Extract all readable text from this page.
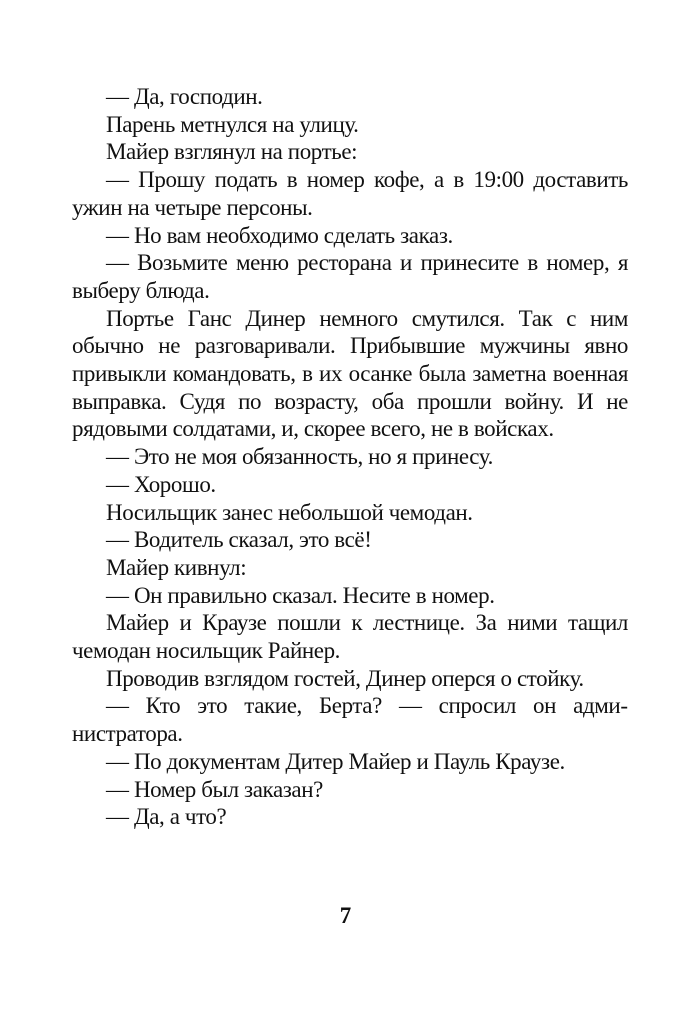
— Да, господин.

Парень метнулся на улицу.

Майер взглянул на портье:

— Прошу подать в номер кофе, а в 19:00 доставить ужин на четыре персоны.

— Но вам необходимо сделать заказ.

— Возьмите меню ресторана и принесите в номер, я выберу блюда.

Портье Ганс Динер немного смутился. Так с ним обычно не разговаривали. Прибывшие мужчины явно привыкли командовать, в их осанке была заметна военная выправка. Судя по возрасту, оба прошли войну. И не рядовыми солдатами, и, скорее всего, не в войсках.

— Это не моя обязанность, но я принесу.

— Хорошо.

Носильщик занес небольшой чемодан.

— Водитель сказал, это всё!

Майер кивнул:

— Он правильно сказал. Несите в номер.

Майер и Краузе пошли к лестнице. За ними тащил чемодан носильщик Райнер.

Проводив взглядом гостей, Динер оперся о стойку.

— Кто это такие, Берта? — спросил он администратора.

— По документам Дитер Майер и Пауль Краузе.

— Номер был заказан?

— Да, а что?

7
